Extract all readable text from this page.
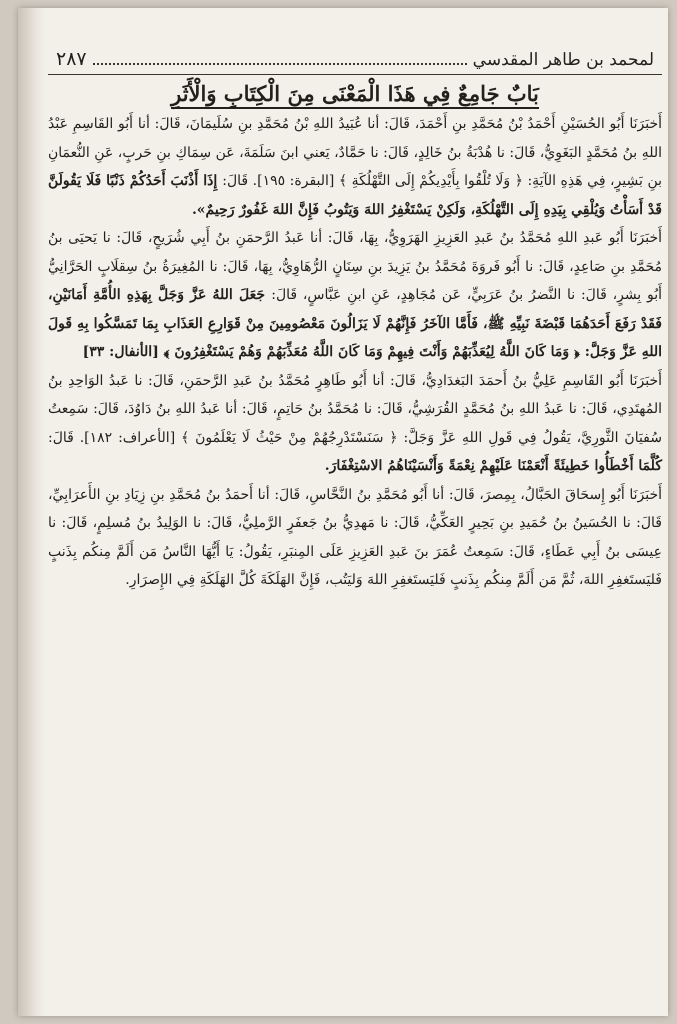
لمحمد بن طاهر المقدسي
٢٨٧
بَابٌ جَامِعٌ فِي هَذَا الْمَعْنَى مِنَ الْكِتَابِ وَالْأَثَرِ

أَخبَرَنَا أَبُو الحُسَيْنِ أَحْمَدُ بْنُ مُحَمَّدِ بنِ أَحْمَدَ، قَالَ: أنا عُبَيدُ اللهِ بْنُ مُحَمَّدِ بنِ سُلَيمَانَ، قَالَ: أنا أَبُو القَاسِمِ عَبْدُ اللهِ بنُ مُحَمَّدٍ البَغَوِيُّ، قَالَ: نا هُدْبَةُ بنُ خَالِدٍ، قَالَ: نا حَمَّادٌ، يَعني ابنَ سَلَمَةَ، عَن سِمَاكِ بنِ حَربٍ، عَنِ النُّعمَانِ بنِ بَشِيرٍ، فِي هَذِهِ الآيَةِ: ﴿ وَلَا تُلْقُوا بِأَيْدِيكُمْ إِلَى التَّهْلُكَةِ ﴾ [البقرة: ١٩٥]. قَالَ: إِذَا أَذْنَبَ أَحَدُكُمْ ذَنْبًا فَلَا يَقُولَنَّ قَدْ أَسَأْتُ وَيُلْقِي بِيَدِهِ إِلَى التَّهْلُكَةِ، وَلَكِنْ يَسْتَغْفِرُ اللهَ وَيَتُوبُ فَإِنَّ اللهَ غَفُورٌ رَحِيمٌ».

أَخبَرَنَا أَبُو عَبدِ اللهِ مُحَمَّدُ بنُ عَبدِ العَزِيزِ الهَرَوِيُّ، بِهَا، قَالَ: أنا عَبدُ الرَّحمَنِ بنُ أَبِي شُرَيحٍ، قَالَ: نا يَحيَى بنُ مُحَمَّدِ بنِ صَاعِدٍ، قَالَ: نا أَبُو فَروَةَ مُحَمَّدُ بنُ يَزِيدَ بنِ سِنَانٍ الرُّهَاوِيُّ، بِهَا، قَالَ: نا المُغِيرَةُ بنُ سِقلَابٍ الحَرَّانِيُّ أَبُو بِشرٍ، قَالَ: نا النَّضرُ بنُ عَرَبِيٍّ، عَن مُجَاهِدٍ، عَنِ ابنِ عَبَّاسٍ، قَالَ: جَعَلَ اللهُ عَزَّ وَجَلَّ بِهَذِهِ الأُمَّةِ أَمَانَيْنِ، فَقَدْ رَفَعَ أَحَدَهُمَا قَبْضَةَ نَبِيِّهِ ﷺ، فَأَمَّا الآخَرُ فَإِنَّهُمْ لَا يَزَالُونَ مَعْصُومِينَ مِنْ قَوَارِعِ العَذَابِ بِمَا تَمَسَّكُوا بِهِ قَولَ اللهِ عَزَّ وَجَلَّ: ﴿ وَمَا كَانَ اللَّهُ لِيُعَذِّبَهُمْ وَأَنْتَ فِيهِمْ وَمَا كَانَ اللَّهُ مُعَذِّبَهُمْ وَهُمْ يَسْتَغْفِرُونَ ﴾ [الأنفال: ٣٣]

أَخبَرَنَا أَبُو القَاسِمِ عَلِيُّ بنُ أَحمَدَ البَغدَادِيُّ، قَالَ: أنا أَبُو طَاهِرٍ مُحَمَّدُ بنُ عَبدِ الرَّحمَنِ، قَالَ: نا عَبدُ الوَاحِدِ بنُ المُهتَدِي، قَالَ: نا عَبدُ اللهِ بنُ مُحَمَّدٍ القُرَشِيُّ، قَالَ: نا مُحَمَّدُ بنُ حَاتِمٍ، قَالَ: أنا عَبدُ اللهِ بنُ دَاوُدَ، قَالَ: سَمِعتُ سُفيَانَ الثَّورِيَّ، يَقُولُ فِي قَولِ اللهِ عَزَّ وَجَلَّ: ﴿ سَنَسْتَدْرِجُهُمْ مِنْ حَيْثُ لَا يَعْلَمُونَ ﴾ [الأعراف: ١٨٢]. قَالَ: كُلَّمَا أَخْطَأُوا خَطِيئَةً أَنْعَمْنَا عَلَيْهِمْ نِعْمَةً وَأَنْسَيْنَاهُمُ الاسْتِغْفَارَ.

أَخبَرَنَا أَبُو إِسحَاقَ الحَبَّالُ، بِمِصرَ، قَالَ: أنا أَبُو مُحَمَّدِ بنُ النَّحَّاسِ، قَالَ: أنا أَحمَدُ بنُ مُحَمَّدِ بنِ زِيَادِ بنِ الأَعرَابِيِّ، قَالَ: نا الحُسَينُ بنُ حُمَيدِ بنِ بَحِيرٍ العَكِّيُّ، قَالَ: نا مَهدِيُّ بنُ جَعفَرٍ الرَّملِيُّ، قَالَ: نا الوَلِيدُ بنُ مُسلِمٍ، قَالَ: نا عِيسَى بنُ أَبِي عَطَاءٍ، قَالَ: سَمِعتُ عُمَرَ بنَ عَبدِ العَزِيزِ عَلَى المِنبَرِ، يَقُولُ: يَا أَيُّهَا النَّاسُ مَن أَلَمَّ مِنكُم بِذَنبٍ فَليَستَغفِرِ اللهَ، ثُمَّ مَن أَلَمَّ مِنكُم بِذَنبٍ فَليَستَغفِرِ اللهَ وَليَتُب، فَإِنَّ الهَلَكَةَ كُلَّ الهَلَكَةِ فِي الإِصرَارِ.
